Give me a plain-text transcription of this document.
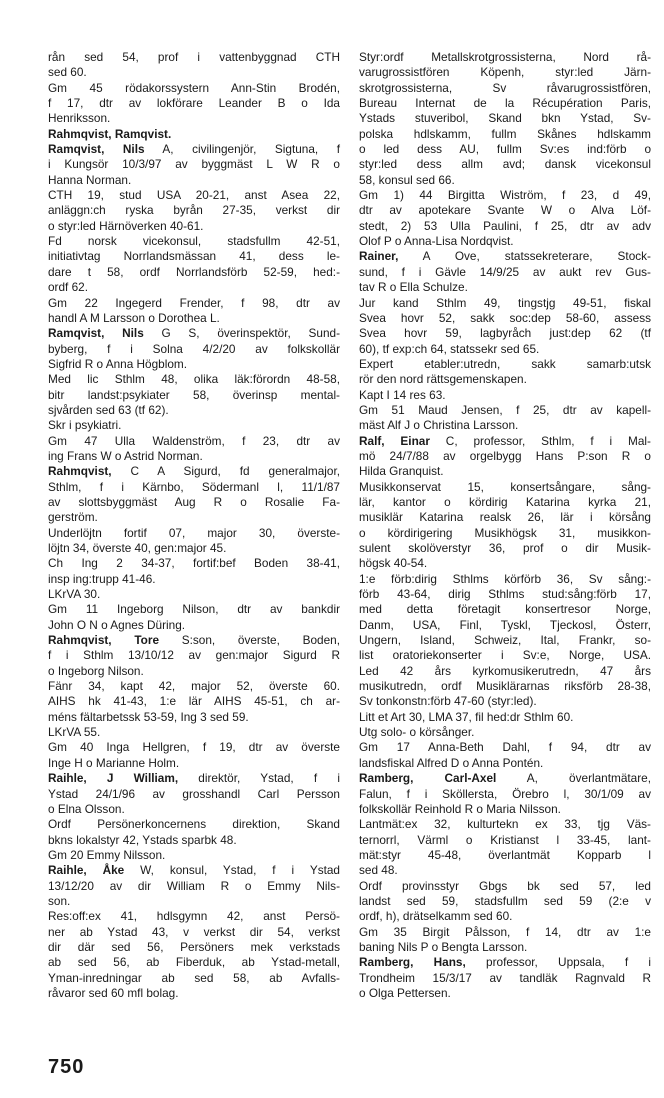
rån sed 54, prof i vattenbyggnad CTH
sed 60.
Gm 45 rödakorssystern Ann-Stin Brodén,
f 17, dtr av lokförare Leander B o Ida
Henriksson.
Rahmqvist, Ramqvist.
Ramqvist, Nils A, civilingenjör, Sigtuna, f
i Kungsör 10/3/97 av byggmäst L W R o
Hanna Norman.
CTH 19, stud USA 20-21, anst Asea 22,
anläggn:ch ryska byrån 27-35, verkst dir
o styr:led Härnöverken 40-61.
Fd norsk vicekonsul, stadsfullm 42-51,
initiativtag Norrlandsmässan 41, dess le-
dare t 58, ordf Norrlandsförb 52-59, hed:-
ordf 62.
Gm 22 Ingegerd Frender, f 98, dtr av
handl A M Larsson o Dorothea L.
Ramqvist, Nils G S, överinspektör, Sund-
byberg, f i Solna 4/2/20 av folkskollär
Sigfrid R o Anna Högblom.
Med lic Sthlm 48, olika läk:förordn 48-58,
bitr landst:psykiater 58, överinsp mental-
sjvården sed 63 (tf 62).
Skr i psykiatri.
Gm 47 Ulla Waldenström, f 23, dtr av
ing Frans W o Astrid Norman.
Rahmqvist, C A Sigurd, fd generalmajor,
Sthlm, f i Kärnbo, Södermanl l, 11/1/87
av slottsbyggmäst Aug R o Rosalie Fa-
gerström.
Underlöjtn fortif 07, major 30, överste-
löjtn 34, överste 40, gen:major 45.
Ch Ing 2 34-37, fortif:bef Boden 38-41,
insp ing:trupp 41-46.
LKrVA 30.
Gm 11 Ingeborg Nilson, dtr av bankdir
John O N o Agnes Düring.
Rahmqvist, Tore S:son, överste, Boden,
f i Sthlm 13/10/12 av gen:major Sigurd R
o Ingeborg Nilson.
Fänr 34, kapt 42, major 52, överste 60.
AIHS hk 41-43, 1:e lär AIHS 45-51, ch ar-
méns fältarbetssk 53-59, Ing 3 sed 59.
LKrVA 55.
Gm 40 Inga Hellgren, f 19, dtr av överste
Inge H o Marianne Holm.
Raihle, J William, direktör, Ystad, f i
Ystad 24/1/96 av grosshandl Carl Persson
o Elna Olsson.
Ordf Persönerkoncernens direktion, Skand
bkns lokalstyr 42, Ystads sparbk 48.
Gm 20 Emmy Nilsson.
Raihle, Åke W, konsul, Ystad, f i Ystad
13/12/20 av dir William R o Emmy Nils-
son.
Res:off:ex 41, hdlsgymn 42, anst Persö-
ner ab Ystad 43, v verkst dir 54, verkst
dir där sed 56, Persöners mek verkstads
ab sed 56, ab Fiberduk, ab Ystad-metall,
Yman-inredningar ab sed 58, ab Avfalls-
råvaror sed 60 mfl bolag.
Styr:ordf Metallskrotgrossisterna, Nord rå-
varugrossistfören Köpenh, styr:led Järn-
skrotgrossisterna, Sv råvarugrossistfören,
Bureau Internat de la Récupération Paris,
Ystads stuveribol, Skand bkn Ystad, Sv-
polska hdlskamm, fullm Skånes hdlskamm
o led dess AU, fullm Sv:es ind:förb o
styr:led dess allm avd; dansk vicekonsul
58, konsul sed 66.
Gm 1) 44 Birgitta Wiström, f 23, d 49,
dtr av apotekare Svante W o Alva Löf-
stedt, 2) 53 Ulla Paulini, f 25, dtr av adv
Olof P o Anna-Lisa Nordqvist.
Rainer, A Ove, statssekreterare, Stock-
sund, f i Gävle 14/9/25 av aukt rev Gus-
tav R o Ella Schulze.
Jur kand Sthlm 49, tingstjg 49-51, fiskal
Svea hovr 52, sakk soc:dep 58-60, assess
Svea hovr 59, lagbyråch just:dep 62 (tf
60), tf exp:ch 64, statssekr sed 65.
Expert etabler:utredn, sakk samarb:utsk
rör den nord rättsgemenskapen.
Kapt I 14 res 63.
Gm 51 Maud Jensen, f 25, dtr av kapell-
mäst Alf J o Christina Larsson.
Ralf, Einar C, professor, Sthlm, f i Mal-
mö 24/7/88 av orgelbygg Hans P:son R o
Hilda Granquist.
Musikkonservat 15, konsertsångare, sång-
lär, kantor o kördirig Katarina kyrka 21,
musiklär Katarina realsk 26, lär i körsång
o kördirigering Musikhögsk 31, musikkon-
sulent skolöverstyr 36, prof o dir Musik-
högsk 40-54.
1:e förb:dirig Sthlms körförb 36, Sv sång:-
förb 43-64, dirig Sthlms stud:sång:förb 17,
med detta företagit konsertresor Norge,
Danm, USA, Finl, Tyskl, Tjeckosl, Österr,
Ungern, Island, Schweiz, Ital, Frankr, so-
list oratoriekonserter i Sv:e, Norge, USA.
Led 42 års kyrkomusikerutredn, 47 års
musikutredn, ordf Musiklärarnas riksförb 28-38,
Sv tonkonstn:förb 47-60 (styr:led).
Litt et Art 30, LMA 37, fil hed:dr Sthlm 60.
Utg solo- o körsånger.
Gm 17 Anna-Beth Dahl, f 94, dtr av
landsfiskal Alfred D o Anna Pontén.
Ramberg, Carl-Axel A, överlantmätare,
Falun, f i Sköllersta, Örebro l, 30/1/09 av
folkskollär Reinhold R o Maria Nilsson.
Lantmät:ex 32, kulturtekn ex 33, tjg Väs-
ternorrl, Värml o Kristianst l 33-45, lant-
mät:styr 45-48, överlantmät Kopparb l
sed 48.
Ordf provinsstyr Gbgs bk sed 57, led
landst sed 59, stadsfullm sed 59 (2:e v
ordf, h), drätselkamm sed 60.
Gm 35 Birgit Pålsson, f 14, dtr av 1:e
baning Nils P o Bengta Larsson.
Ramberg, Hans, professor, Uppsala, f i
Trondheim 15/3/17 av tandläk Ragnvald R
o Olga Pettersen.
750
